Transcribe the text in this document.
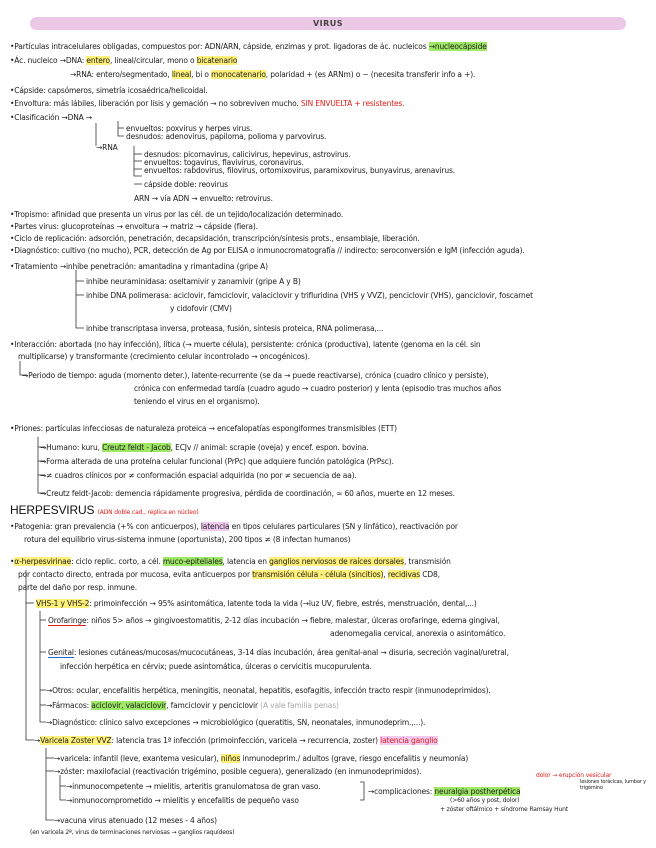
VIRUS
•Partículas intracelulares obligadas, compuestos por: ADN/ARN, cápside, enzimas y prot. ligadoras de ác. nucleicos →nucleocápside
•Ác. nucleico →DNA: entero, lineal/circular, mono o bicatenario
→RNA: entero/segmentado, lineal, bi o monocatenario, polaridad + (es ARNm) o − (necesita transferir info a +).
•Cápside: capsómeros, simetría icosaédrica/helicoidal.
•Envoltura: más lábiles, liberación por lisis y gemación → no sobreviven mucho. SIN ENVUELTA + resistentes.
•Clasificación →DNA →
envueltos: poxvirus y herpes virus.
desnudos: adenovirus, papiloma, polioma y parvovirus.
→RNA
desnudos: picornavirus, calicivirus, hepevirus, astrovirus.
envueltos: togavirus, flavivirus, coronavirus.
envueltos: rabdovirus, filovirus, ortomixovirus, paramixovirus, bunyavirus, arenavirus.
cápside doble: reovirus
ARN → vía ADN → envuelto: retrovirus.
•Tropismo: afinidad que presenta un virus por las cél. de un tejido/localización determinado.
•Partes virus: glucoproteínas → envoltura → matriz → cápside (fiera).
•Ciclo de replicación: adsorción, penetración, decapsidación, transcripción/síntesis prots., ensamblaje, liberación.
•Diagnóstico: cultivo (no mucho), PCR, detección de Ag por ELISA o inmunocromatografía // indirecto: seroconversión e IgM (infección aguda).
•Tratamiento →inhibe penetración: amantadina y rimantadina (gripe A)
inhibe neuraminidasa: oseltamivir y zanamivir (gripe A y B)
inhibe DNA polimerasa: aciclovir, famciclovir, valaciclovir y trifluridina (VHS y VVZ), penciclovir (VHS), ganciclovir, foscarnet
y cidofovir (CMV)
inhibe transcriptasa inversa, proteasa, fusión, síntesis proteica, RNA polimerasa,...
•Interacción: abortada (no hay infección), lítica (→ muerte célula), persistente: crónica (productiva), latente (genoma en la cél. sin
multiplicarse) y transformante (crecimiento celular incontrolado → oncogénicos).
→Periodo de tiempo: aguda (momento deter.), latente-recurrente (se da → puede reactivarse), crónica (cuadro clínico y persiste),
crónica con enfermedad tardía (cuadro agudo → cuadro posterior) y lenta (episodio tras muchos años
teniendo el virus en el organismo).
•Priones: partículas infecciosas de naturaleza proteica → encefalopatías espongiformes transmisibles (ETT)
→Humano: kuru, Creutz feldt - Jacob, ECJv // animal: scrapie (oveja) y encef. espon. bovina.
→Forma alterada de una proteína celular funcional (PrPc) que adquiere función patológica (PrPsc).
→≠ cuadros clínicos por ≠ conformación espacial adquirida (no por ≠ secuencia de aa).
→Creutz feldt-Jacob: demencia rápidamente progresiva, pérdida de coordinación, ≈ 60 años, muerte en 12 meses.
HERPESVIRUS (ADN doble cad., replica en núcleo)
•Patogenia: gran prevalencia (+% con anticuerpos), latencia en tipos celulares particulares (SN y linfático), reactivación por
rotura del equilibrio virus-sistema inmune (oportunista), 200 tipos ≠ (8 infectan humanos)
•α-herpesvirinae: ciclo replic. corto, a cél. muco-epiteliales, latencia en ganglios nerviosos de raíces dorsales, transmisión
por contacto directo, entrada por mucosa, evita anticuerpos por transmisión célula - célula (sincitios), recidivas CD8,
parte del daño por resp. inmune.
VHS-1 y VHS-2: primoinfección → 95% asintomática, latente toda la vida (→luz UV, fiebre, estrés, menstruación, dental,...)
Orofaringe: niños 5> años → gingivoestomatitis, 2-12 días incubación → fiebre, malestar, úlceras orofaringe, edema gingival,
adenomegalia cervical, anorexia o asintomático.
Genital: lesiones cutáneas/mucosas/mucocutáneas, 3-14 días incubación, área genital-anal → disuria, secreción vaginal/uretral,
infección herpética en cérvix; puede asintomática, úlceras o cervicitis mucopurulenta.
→Otros: ocular, encefalitis herpética, meningitis, neonatal, hepatitis, esofagitis, infección tracto respir (inmunodeprimidos).
→Fármacos: aciclovir, valaciclovir, famciclovir y penciclovir (A vale familia penas)
→Diagnóstico: clínico salvo excepciones → microbiológico (queratitis, SN, neonatales, inmunodeprim.,...).
→Varicela Zoster VVZ: latencia tras 1ª infección (primoinfección, varicela → recurrencia, zoster) latencia ganglio
→varicela: infantil (leve, exantema vesicular), niños inmunodeprim./ adultos (grave, riesgo encefalitis y neumonía)
→zóster: maxilofacial (reactivación trigémino, posible ceguera), generalizado (en inmunodeprimidos).	dolor → erupción vesicular
lesiones torácicas, lumbar y trigémino
→inmunocompetente → mielitis, arteritis granulomatosa de gran vaso.
→inmunocomprometido → mielitis y encefalitis de pequeño vaso
→complicaciones: neuralgia postherpética
(>60 años y post, dolor)
+ zóster oftálmico + síndrome Ramsay Hunt
→vacuna virus atenuado (12 meses - 4 años)
(en varicela 2ª, virus de terminaciones nerviosas → ganglios raquídeos)
